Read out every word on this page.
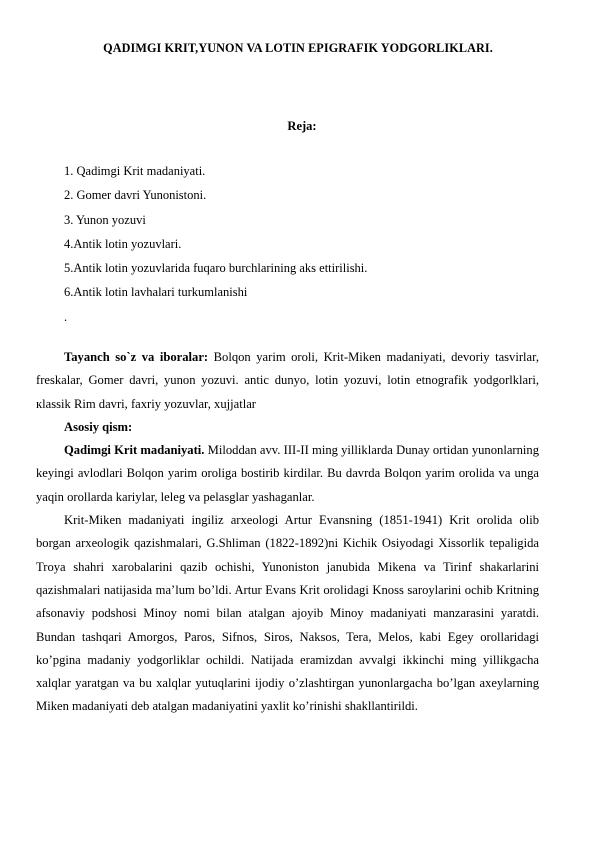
QADIMGI KRIT,YUNON VA LOTIN EPIGRAFIK YODGORLIKLARI.
Reja:
1. Qadimgi Krit madaniyati.
2. Gomer davri Yunonistoni.
3. Yunon yozuvi
4.Antik lotin yozuvlari.
5.Antik lotin yozuvlarida fuqaro burchlarining aks ettirilishi.
6.Antik lotin lavhalari turkumlanishi
.

Tayanch so`z va iboralar: Bolqon yarim oroli, Krit-Miken madaniyati, devoriy tasvirlar, freskalar, Gomer davri, yunon yozuvi. antic dunyo, lotin yozuvi, lotin etnografik yodgorlklari, кlassik Rim davri, faxriy yozuvlar, xujjatlar

Asosiy qism:

Qadimgi Krit madaniyati. Miloddan avv. III-II ming yilliklarda Dunay ortidan yunonlarning keyingi avlodlari Bolqon yarim oroliga bostirib kirdilar. Bu davrda Bolqon yarim orolida va unga yaqin orollarda kariylar, leleg va pelasglar yashaganlar.

Krit-Miken madaniyati ingiliz arxeologi Artur Evansning (1851-1941) Krit orolida olib borgan arxeologik qazishmalari, G.Shliman (1822-1892)ni Kichik Osiyodagi Xissorlik tepaligida Troya shahri xarobalarini qazib ochishi, Yunoniston janubida Mikena va Tirinf shakarlarini qazishmalari natijasida ma’lum bo’ldi. Artur Evans Krit orolidagi Knoss saroylarini ochib Kritning afsonaviy podshosi Minoy nomi bilan atalgan ajoyib Minoy madaniyati manzarasini yaratdi. Bundan tashqari Amorgos, Paros, Sifnos, Siros, Naksos, Tera, Melos, kabi Egey orollaridagi ko’pgina madaniy yodgorliklar ochildi. Natijada eramizdan avvalgi ikkinchi ming yillikgacha xalqlar yaratgan va bu xalqlar yutuqlarini ijodiy o’zlashtirgan yunonlargacha bo’lgan axeylarning Miken madaniyati deb atalgan madaniyatini yaxlit ko’rinishi shakllantirildi.
